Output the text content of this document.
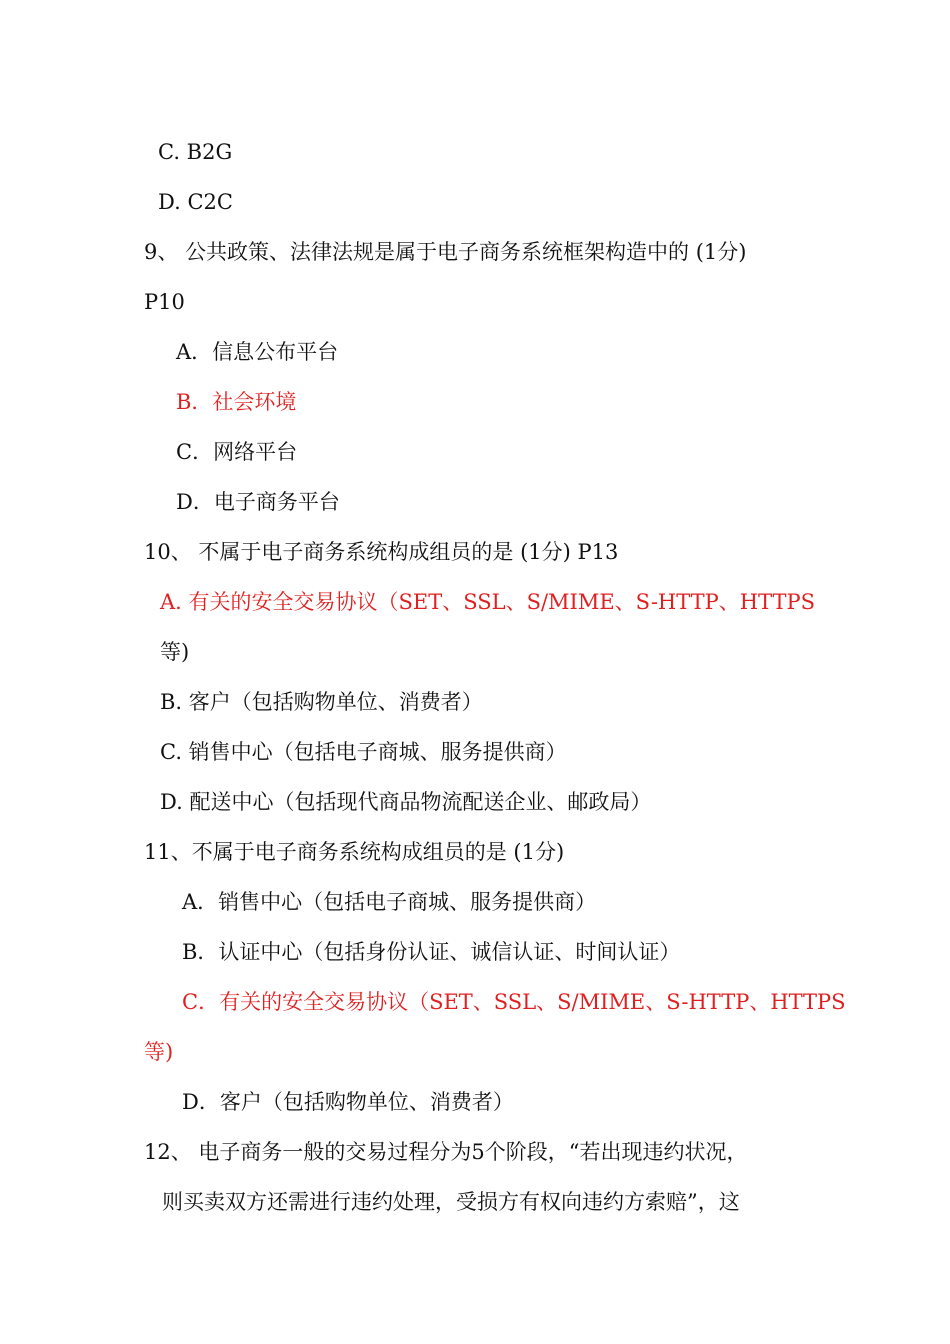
C. B2G
D. C2C
9、 公共政策、法律法规是属于电子商务系统框架构造中的 (1分)
P10
A．信息公布平台
B．社会环境
C．网络平台
D．电子商务平台
10、 不属于电子商务系统构成组员的是 (1分) P13
A. 有关的安全交易协议（SET、SSL、S/MIME、S-HTTP、HTTPS
等)
B. 客户（包括购物单位、消费者）
C. 销售中心（包括电子商城、服务提供商）
D. 配送中心（包括现代商品物流配送企业、邮政局）
11、不属于电子商务系统构成组员的是 (1分)
A．销售中心（包括电子商城、服务提供商）
B．认证中心（包括身份认证、诚信认证、时间认证）
C．有关的安全交易协议（SET、SSL、S/MIME、S-HTTP、HTTPS
等)
D．客户（包括购物单位、消费者）
12、 电子商务一般的交易过程分为5个阶段，“若出现违约状况，
则买卖双方还需进行违约处理，受损方有权向违约方索赔”，这
